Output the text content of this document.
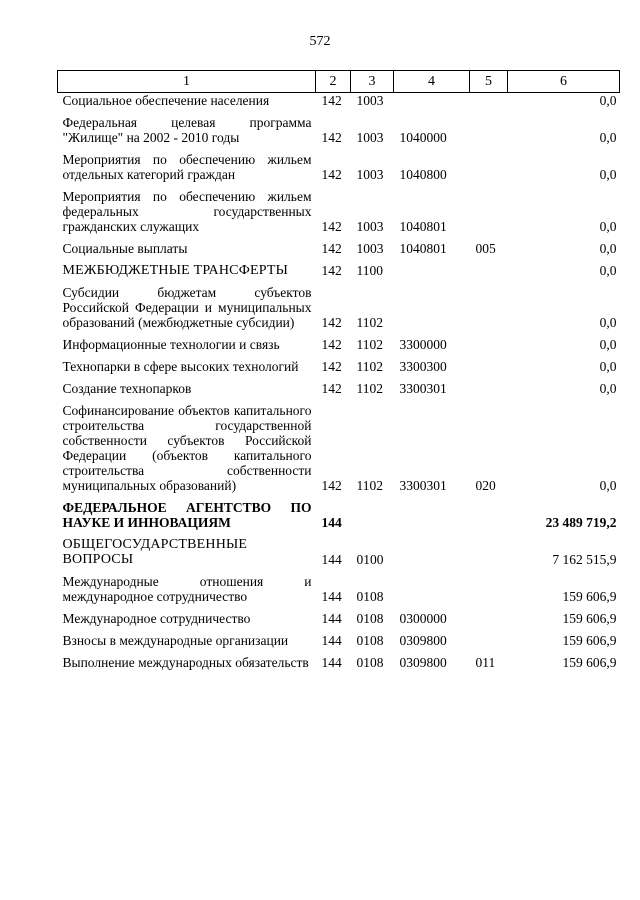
572
1	2	3	4	5	6

Социальное обеспечение населения	142	1003			0,0

Федеральная целевая программа "Жилище" на 2002 - 2010 годы	142	1003	1040000		0,0

Мероприятия по обеспечению жильем отдельных категорий граждан	142	1003	1040800		0,0

Мероприятия по обеспечению жильем федеральных государственных гражданских служащих	142	1003	1040801		0,0

Социальные выплаты	142	1003	1040801	005	0,0

МЕЖБЮДЖЕТНЫЕ ТРАНСФЕРТЫ	142	1100			0,0

Субсидии бюджетам субъектов Российской Федерации и муниципальных образований (межбюджетные субсидии)	142	1102			0,0

Информационные технологии и связь	142	1102	3300000		0,0

Технопарки в сфере высоких технологий	142	1102	3300300		0,0

Создание технопарков	142	1102	3300301		0,0

Софинансирование объектов капитального строительства государственной собственности субъектов Российской Федерации (объектов капитального строительства собственности муниципальных образований)	142	1102	3300301	020	0,0

ФЕДЕРАЛЬНОЕ АГЕНТСТВО ПО НАУКЕ И ИННОВАЦИЯМ	144				23 489 719,2

ОБЩЕГОСУДАРСТВЕННЫЕ ВОПРОСЫ	144	0100			7 162 515,9

Международные отношения и международное сотрудничество	144	0108			159 606,9

Международное сотрудничество	144	0108	0300000		159 606,9

Взносы в международные организации	144	0108	0309800		159 606,9

Выполнение международных обязательств	144	0108	0309800	011	159 606,9
